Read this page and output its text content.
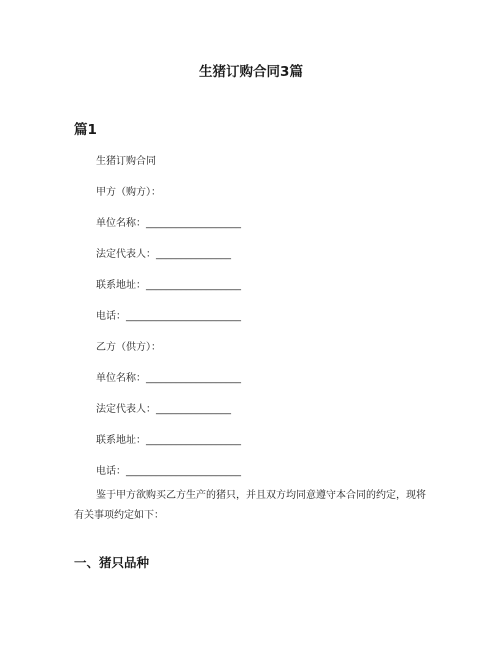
生猪订购合同3篇
篇1
生猪订购合同
甲方（购方）：
单位名称：___________________
法定代表人：_______________
联系地址：___________________
电话：_______________________
乙方（供方）：
单位名称：___________________
法定代表人：_______________
联系地址：___________________
电话：_______________________
鉴于甲方欲购买乙方生产的猪只，并且双方均同意遵守本合同的约定，现将有关事项约定如下：
一、猪只品种
